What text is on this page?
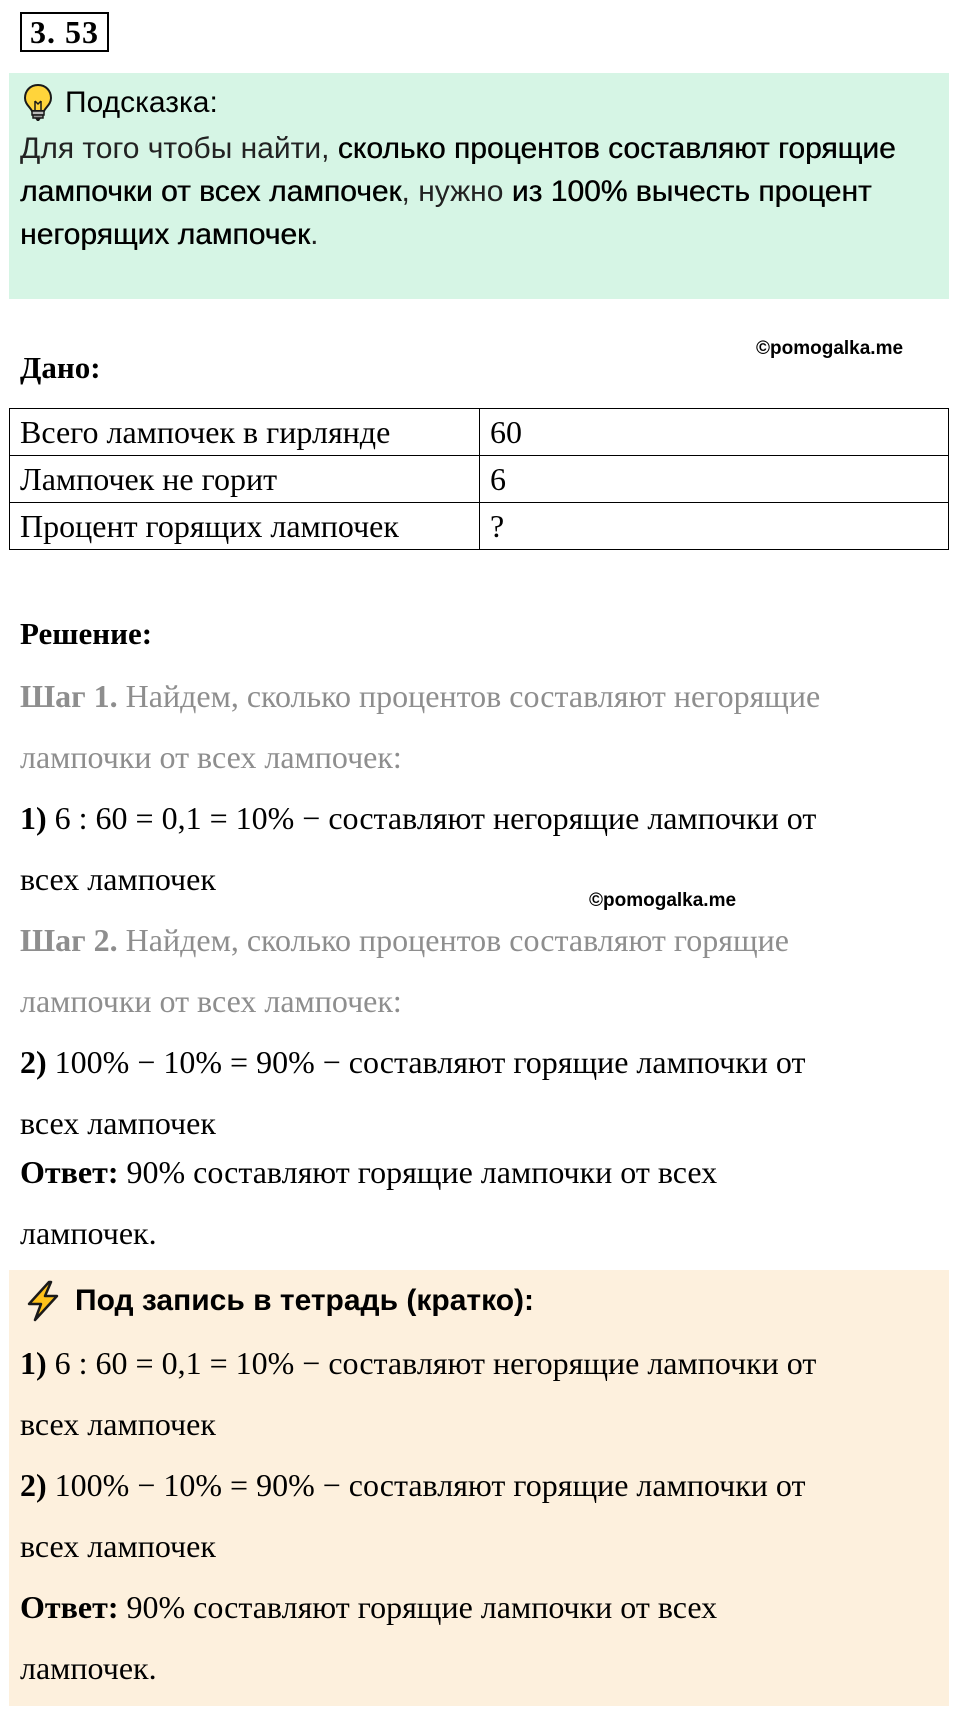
3. 53
Подсказка:
Для того чтобы найти, сколько процентов составляют горящие лампочки от всех лампочек, нужно из 100% вычесть процент негорящих лампочек.
©pomogalka.me
Дано:
Всего лампочек в гирлянде	60
Лампочек не горит	6
Процент горящих лампочек	?
Решение:
Шаг 1. Найдем, сколько процентов составляют негорящие
лампочки от всех лампочек:
1) 6 : 60 = 0,1 = 10% − составляют негорящие лампочки от
всех лампочек
©pomogalka.me
Шаг 2. Найдем, сколько процентов составляют горящие
лампочки от всех лампочек:
2) 100% − 10% = 90% − составляют горящие лампочки от
всех лампочек
Ответ: 90% составляют горящие лампочки от всех
лампочек.
Под запись в тетрадь (кратко):
1) 6 : 60 = 0,1 = 10% − составляют негорящие лампочки от
всех лампочек
2) 100% − 10% = 90% − составляют горящие лампочки от
всех лампочек
Ответ: 90% составляют горящие лампочки от всех
лампочек.
